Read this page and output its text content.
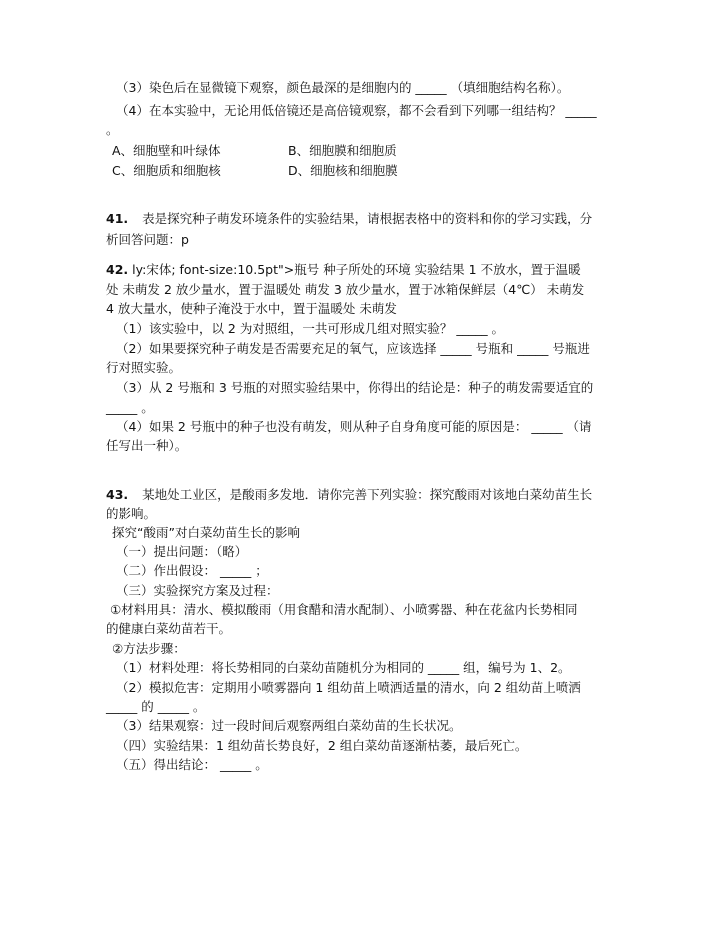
（3）染色后在显微镜下观察，颜色最深的是细胞内的 _____ （填细胞结构名称）。
（4）在本实验中，无论用低倍镜还是高倍镜观察，都不会看到下列哪一组结构？ _____
。
A、细胞壁和叶绿体	B、细胞膜和细胞质
C、细胞质和细胞核	D、细胞核和细胞膜
41. 表是探究种子萌发环境条件的实验结果，请根据表格中的资料和你的学习实践，分
析回答问题：p
42. ly:宋体; font-size:10.5pt">瓶号 种子所处的环境 实验结果 1 不放水，置于温暖
处 未萌发 2 放少量水，置于温暖处 萌发 3 放少量水，置于冰箱保鲜层（4℃） 未萌发
4 放大量水，使种子淹没于水中，置于温暖处 未萌发
（1）该实验中，以 2 为对照组，一共可形成几组对照实验？ _____ 。
（2）如果要探究种子萌发是否需要充足的氧气，应该选择 _____ 号瓶和 _____ 号瓶进
行对照实验。
（3）从 2 号瓶和 3 号瓶的对照实验结果中，你得出的结论是：种子的萌发需要适宜的
_____ 。
（4）如果 2 号瓶中的种子也没有萌发，则从种子自身角度可能的原因是： _____ （请
任写出一种）。
43. 某地处工业区，是酸雨多发地．请你完善下列实验：探究酸雨对该地白菜幼苗生长
的影响。
探究“酸雨”对白菜幼苗生长的影响
（一）提出问题：（略）
（二）作出假设： _____ ；
（三）实验探究方案及过程：
①材料用具：清水、模拟酸雨（用食醋和清水配制）、小喷雾器、种在花盆内长势相同
的健康白菜幼苗若干。
②方法步骤：
（1）材料处理：将长势相同的白菜幼苗随机分为相同的 _____ 组，编号为 1、2。
（2）模拟危害：定期用小喷雾器向 1 组幼苗上喷洒适量的清水，向 2 组幼苗上喷洒
_____ 的 _____ 。
（3）结果观察：过一段时间后观察两组白菜幼苗的生长状况。
（四）实验结果：1 组幼苗长势良好，2 组白菜幼苗逐渐枯萎，最后死亡。
（五）得出结论： _____ 。
